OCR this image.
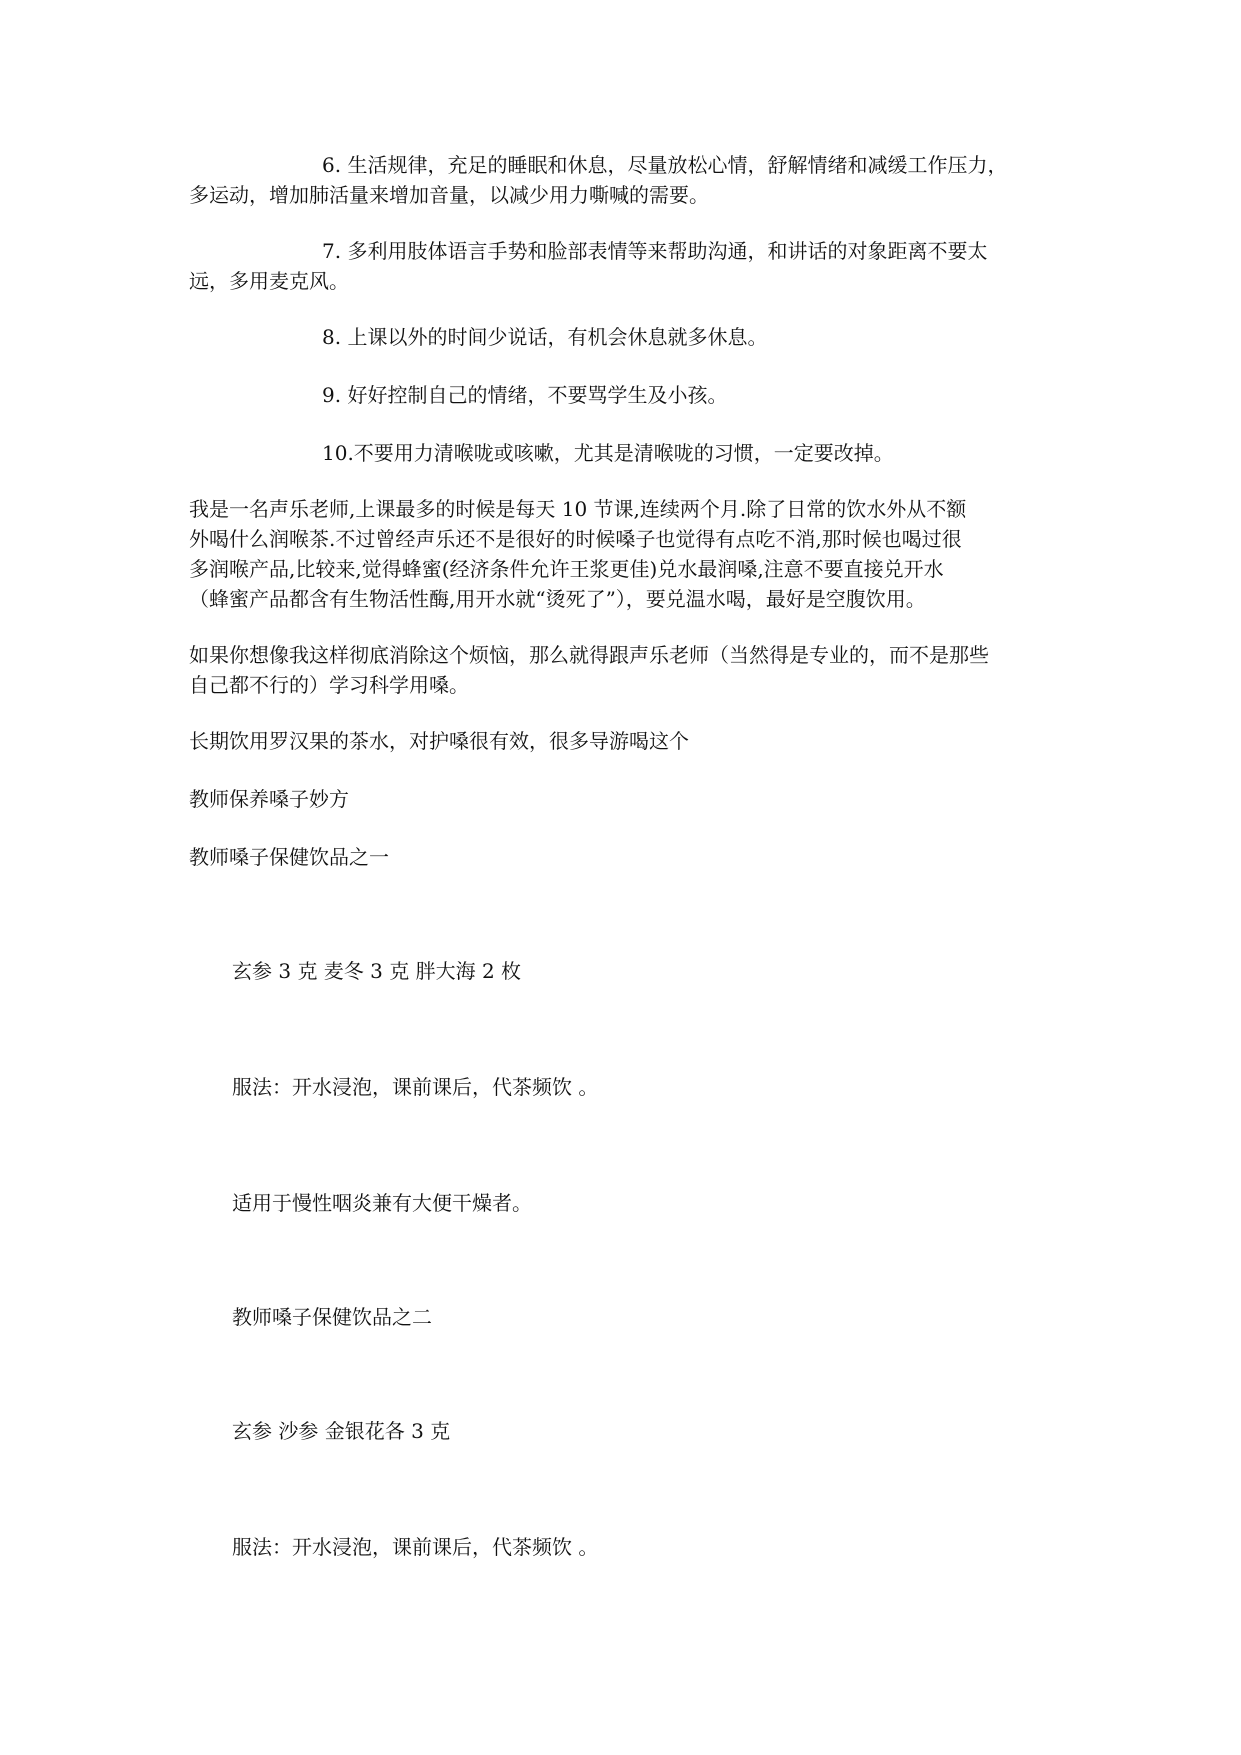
6. 生活规律，充足的睡眠和休息，尽量放松心情，舒解情绪和减缓工作压力，

多运动，增加肺活量来增加音量，以减少用力嘶喊的需要。

7. 多利用肢体语言手势和脸部表情等来帮助沟通，和讲话的对象距离不要太

远，多用麦克风。

8. 上课以外的时间少说话，有机会休息就多休息。

9. 好好控制自己的情绪，不要骂学生及小孩。

10.不要用力清喉咙或咳嗽，尤其是清喉咙的习惯，一定要改掉。

我是一名声乐老师,上课最多的时候是每天 10 节课,连续两个月.除了日常的饮水外从不额

外喝什么润喉茶.不过曾经声乐还不是很好的时候嗓子也觉得有点吃不消,那时候也喝过很

多润喉产品,比较来,觉得蜂蜜(经济条件允许王浆更佳)兑水最润嗓,注意不要直接兑开水

（蜂蜜产品都含有生物活性酶,用开水就“烫死了”），要兑温水喝，最好是空腹饮用。

如果你想像我这样彻底消除这个烦恼，那么就得跟声乐老师（当然得是专业的，而不是那些

自己都不行的）学习科学用嗓。

长期饮用罗汉果的茶水，对护嗓很有效，很多导游喝这个

教师保养嗓子妙方

教师嗓子保健饮品之一

玄参 3 克 麦冬 3 克 胖大海 2 枚

服法：开水浸泡，课前课后，代茶频饮 。

适用于慢性咽炎兼有大便干燥者。

教师嗓子保健饮品之二

玄参 沙参 金银花各 3 克

服法：开水浸泡，课前课后，代茶频饮 。
